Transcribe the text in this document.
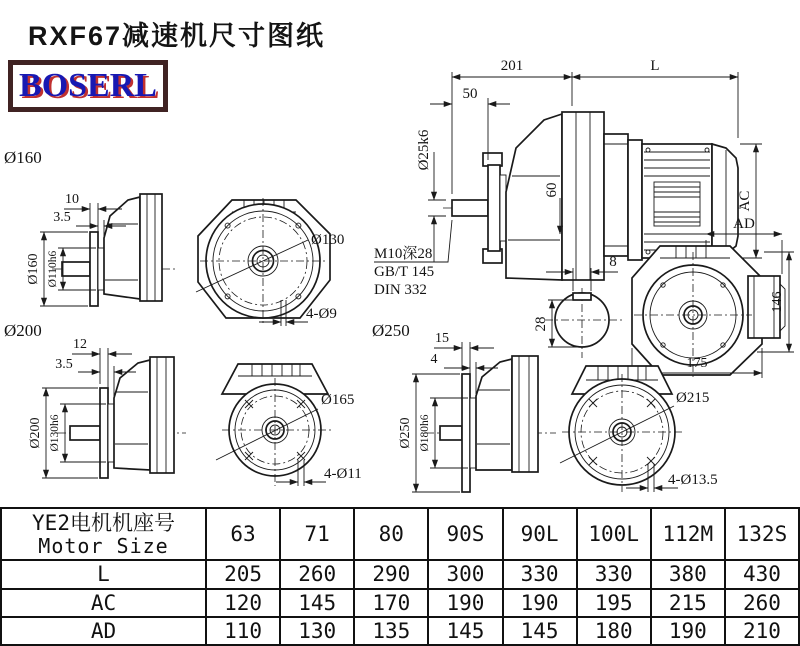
RXF67减速机尺寸图纸
BOSERL
201	L
50
Ø25k6
60
AC
M10深28
GB/T 145
DIN 332
8
28
AD
146
175
Ø160
10
3.5
Ø160 Ø110h6
Ø130
4-Ø9
Ø200
12
3.5
Ø200 Ø130h6
Ø165
4-Ø11
Ø250 15
4
Ø250 Ø180h6
Ø215
4-Ø13.5
YE2电机机座号
Motor Size	63	71	80	90S	90L	100L	112M	132S
L	205	260	290	300	330	330	380	430
AC	120	145	170	190	190	195	215	260
AD	110	130	135	145	145	180	190	210
